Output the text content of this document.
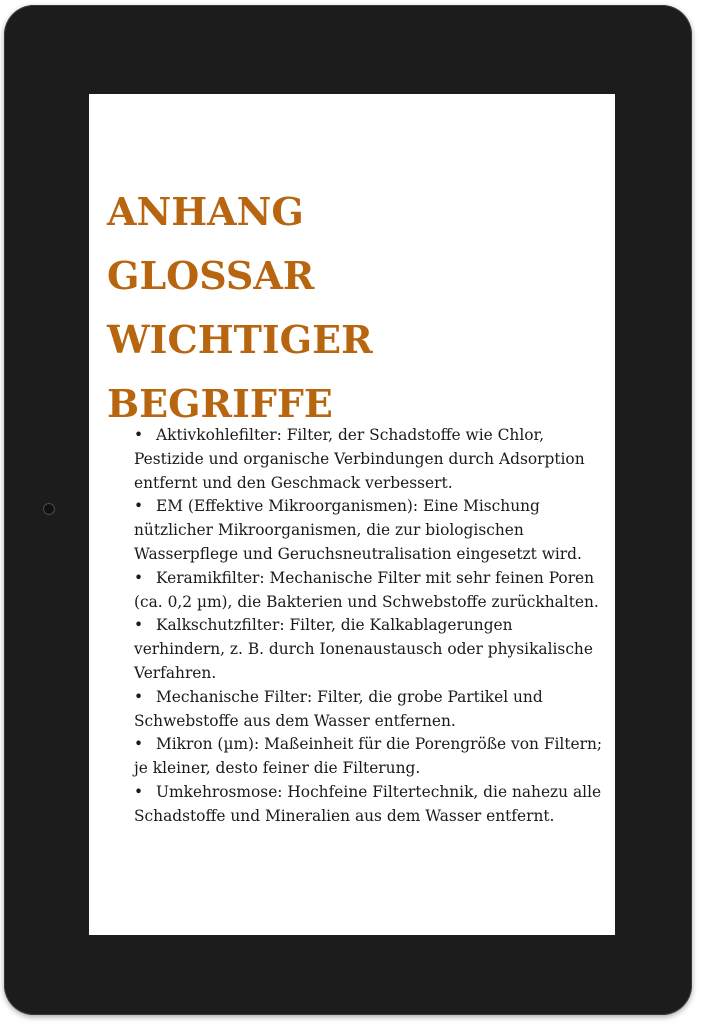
ANHANG
GLOSSAR
WICHTIGER
BEGRIFFE
• Aktivkohlefilter: Filter, der Schadstoffe wie Chlor, Pestizide und organische Verbindungen durch Adsorption entfernt und den Geschmack verbessert.
• EM (Effektive Mikroorganismen): Eine Mischung nützlicher Mikroorganismen, die zur biologischen Wasserpflege und Geruchsneutralisation eingesetzt wird.
• Keramikfilter: Mechanische Filter mit sehr feinen Poren (ca. 0,2 µm), die Bakterien und Schwebstoffe zurückhalten.
• Kalkschutzfilter: Filter, die Kalkablagerungen verhindern, z. B. durch Ionenaustausch oder physikalische Verfahren.
• Mechanische Filter: Filter, die grobe Partikel und Schwebstoffe aus dem Wasser entfernen.
• Mikron (µm): Maßeinheit für die Porengröße von Filtern; je kleiner, desto feiner die Filterung.
• Umkehrosmose: Hochfeine Filtertechnik, die nahezu alle Schadstoffe und Mineralien aus dem Wasser entfernt.
